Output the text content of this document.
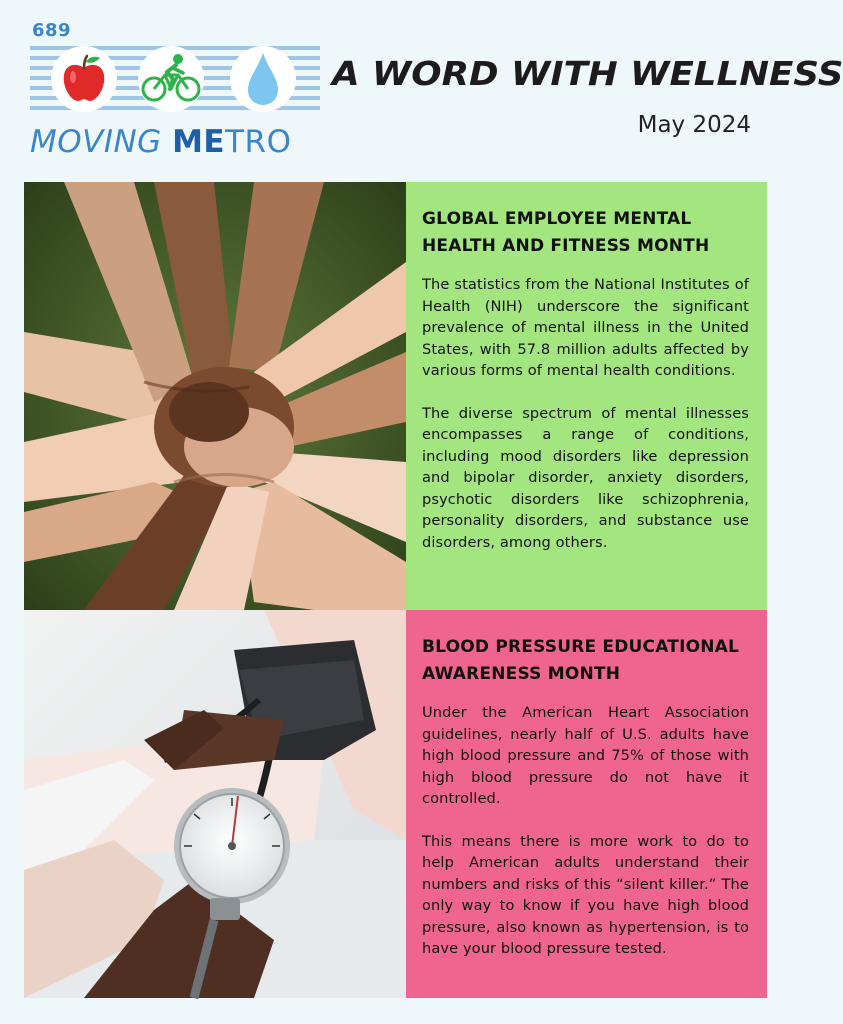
689
MOVING METRO
A WORD WITH WELLNESS
May 2024
GLOBAL EMPLOYEE MENTAL HEALTH AND FITNESS MONTH

The statistics from the National Institutes of Health (NIH) underscore the significant prevalence of mental illness in the United States, with 57.8 million adults affected by various forms of mental health conditions.

The diverse spectrum of mental illnesses encompasses a range of conditions, including mood disorders like depression and bipolar disorder, anxiety disorders, psychotic disorders like schizophrenia, personality disorders, and substance use disorders, among others.

BLOOD PRESSURE EDUCATIONAL AWARENESS MONTH

Under the American Heart Association guidelines, nearly half of U.S. adults have high blood pressure and 75% of those with high blood pressure do not have it controlled.

This means there is more work to do to help American adults understand their numbers and risks of this “silent killer.” The only way to know if you have high blood pressure, also known as hypertension, is to have your blood pressure tested.
